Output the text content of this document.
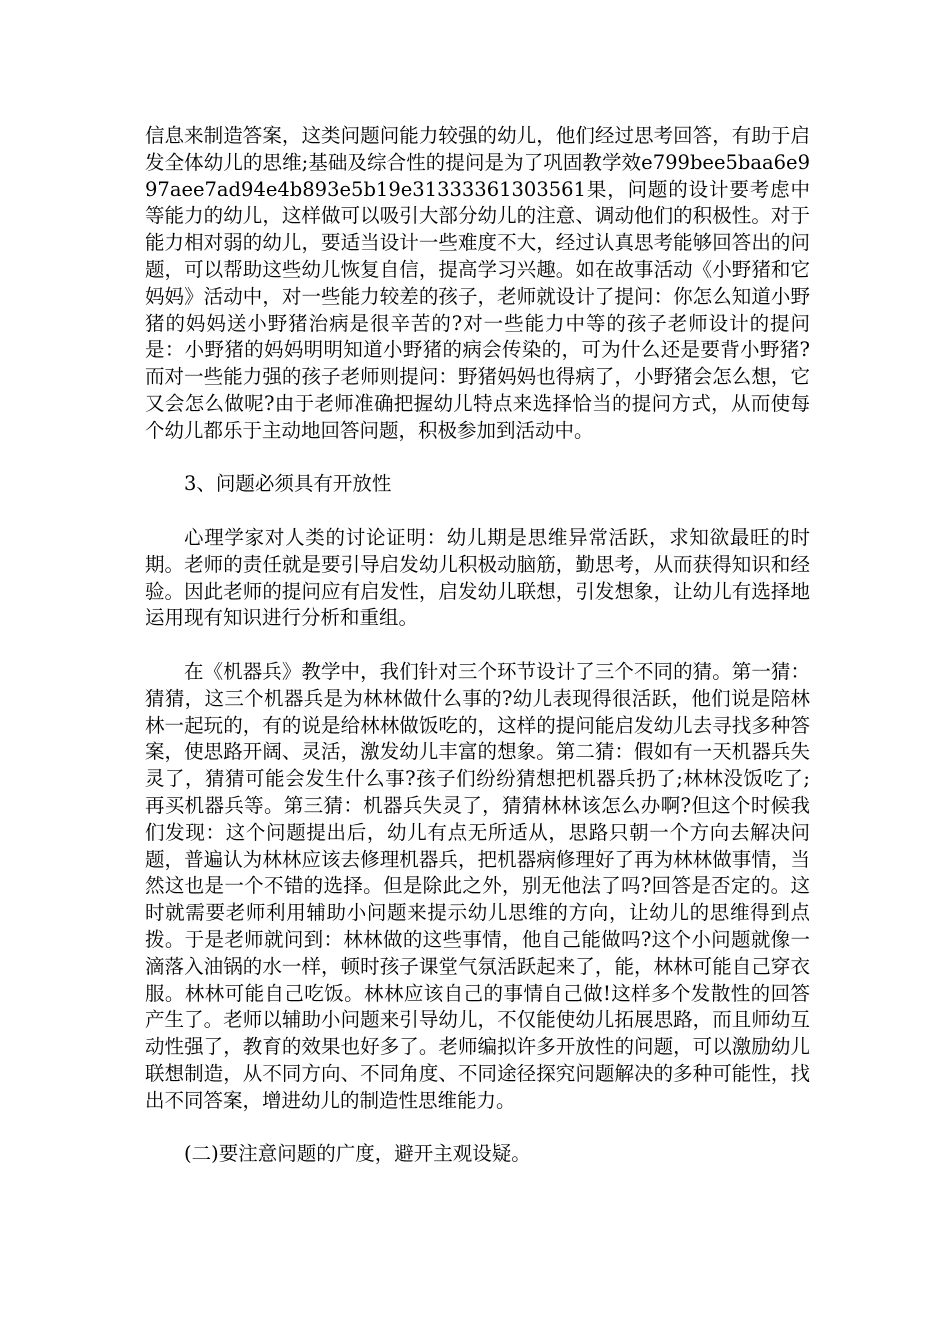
信息来制造答案，这类问题问能力较强的幼儿，他们经过思考回答，有助于启发全体幼儿的思维;基础及综合性的提问是为了巩固教学效e799bee5baa6e997aee7ad94e4b893e5b19e31333361303561果，问题的设计要考虑中等能力的幼儿，这样做可以吸引大部分幼儿的注意、调动他们的积极性。对于能力相对弱的幼儿，要适当设计一些难度不大，经过认真思考能够回答出的问题，可以帮助这些幼儿恢复自信，提高学习兴趣。如在故事活动《小野猪和它妈妈》活动中，对一些能力较差的孩子，老师就设计了提问：你怎么知道小野猪的妈妈送小野猪治病是很辛苦的?对一些能力中等的孩子老师设计的提问是：小野猪的妈妈明明知道小野猪的病会传染的，可为什么还是要背小野猪?而对一些能力强的孩子老师则提问：野猪妈妈也得病了，小野猪会怎么想，它又会怎么做呢?由于老师准确把握幼儿特点来选择恰当的提问方式，从而使每个幼儿都乐于主动地回答问题，积极参加到活动中。

3、问题必须具有开放性

心理学家对人类的讨论证明：幼儿期是思维异常活跃，求知欲最旺的时期。老师的责任就是要引导启发幼儿积极动脑筋，勤思考，从而获得知识和经验。因此老师的提问应有启发性，启发幼儿联想，引发想象，让幼儿有选择地运用现有知识进行分析和重组。

在《机器兵》教学中，我们针对三个环节设计了三个不同的猜。第一猜：猜猜，这三个机器兵是为林林做什么事的?幼儿表现得很活跃，他们说是陪林林一起玩的，有的说是给林林做饭吃的，这样的提问能启发幼儿去寻找多种答案，使思路开阔、灵活，激发幼儿丰富的想象。第二猜：假如有一天机器兵失灵了，猜猜可能会发生什么事?孩子们纷纷猜想把机器兵扔了;林林没饭吃了;再买机器兵等。第三猜：机器兵失灵了，猜猜林林该怎么办啊?但这个时候我们发现：这个问题提出后，幼儿有点无所适从，思路只朝一个方向去解决问题，普遍认为林林应该去修理机器兵，把机器病修理好了再为林林做事情，当然这也是一个不错的选择。但是除此之外，别无他法了吗?回答是否定的。这时就需要老师利用辅助小问题来提示幼儿思维的方向，让幼儿的思维得到点拨。于是老师就问到：林林做的这些事情，他自己能做吗?这个小问题就像一滴落入油锅的水一样，顿时孩子课堂气氛活跃起来了，能，林林可能自己穿衣服。林林可能自己吃饭。林林应该自己的事情自己做!这样多个发散性的回答产生了。老师以辅助小问题来引导幼儿，不仅能使幼儿拓展思路，而且师幼互动性强了，教育的效果也好多了。老师编拟许多开放性的问题，可以激励幼儿联想制造，从不同方向、不同角度、不同途径探究问题解决的多种可能性，找出不同答案，增进幼儿的制造性思维能力。

(二)要注意问题的广度，避开主观设疑。
